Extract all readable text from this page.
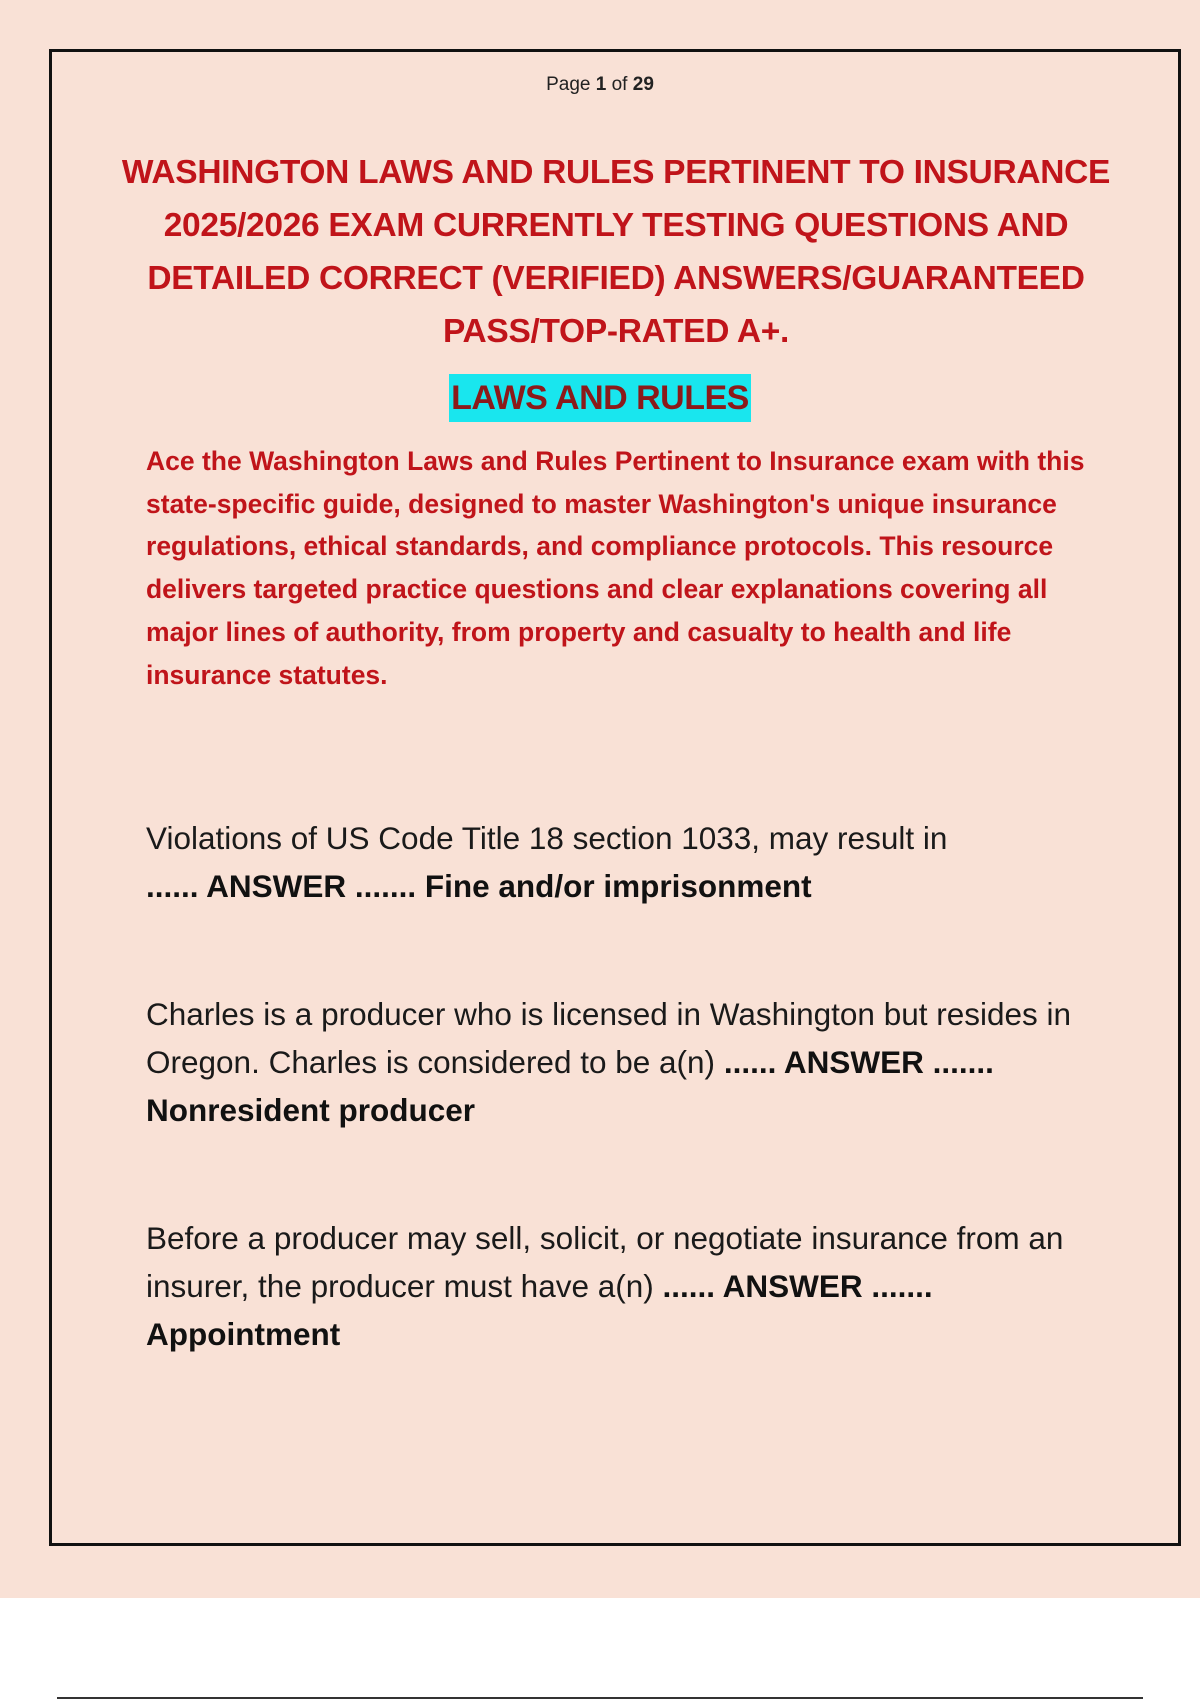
Page 1 of 29
WASHINGTON LAWS AND RULES PERTINENT TO INSURANCE 2025/2026 EXAM CURRENTLY TESTING QUESTIONS AND DETAILED CORRECT (VERIFIED) ANSWERS/GUARANTEED PASS/TOP-RATED A+.
LAWS AND RULES

Ace the Washington Laws and Rules Pertinent to Insurance exam with this state-specific guide, designed to master Washington's unique insurance regulations, ethical standards, and compliance protocols. This resource delivers targeted practice questions and clear explanations covering all major lines of authority, from property and casualty to health and life insurance statutes.

Violations of US Code Title 18 section 1033, may result in
...... ANSWER ....... Fine and/or imprisonment

Charles is a producer who is licensed in Washington but resides in Oregon. Charles is considered to be a(n) ...... ANSWER ....... Nonresident producer

Before a producer may sell, solicit, or negotiate insurance from an insurer, the producer must have a(n) ...... ANSWER ....... Appointment
